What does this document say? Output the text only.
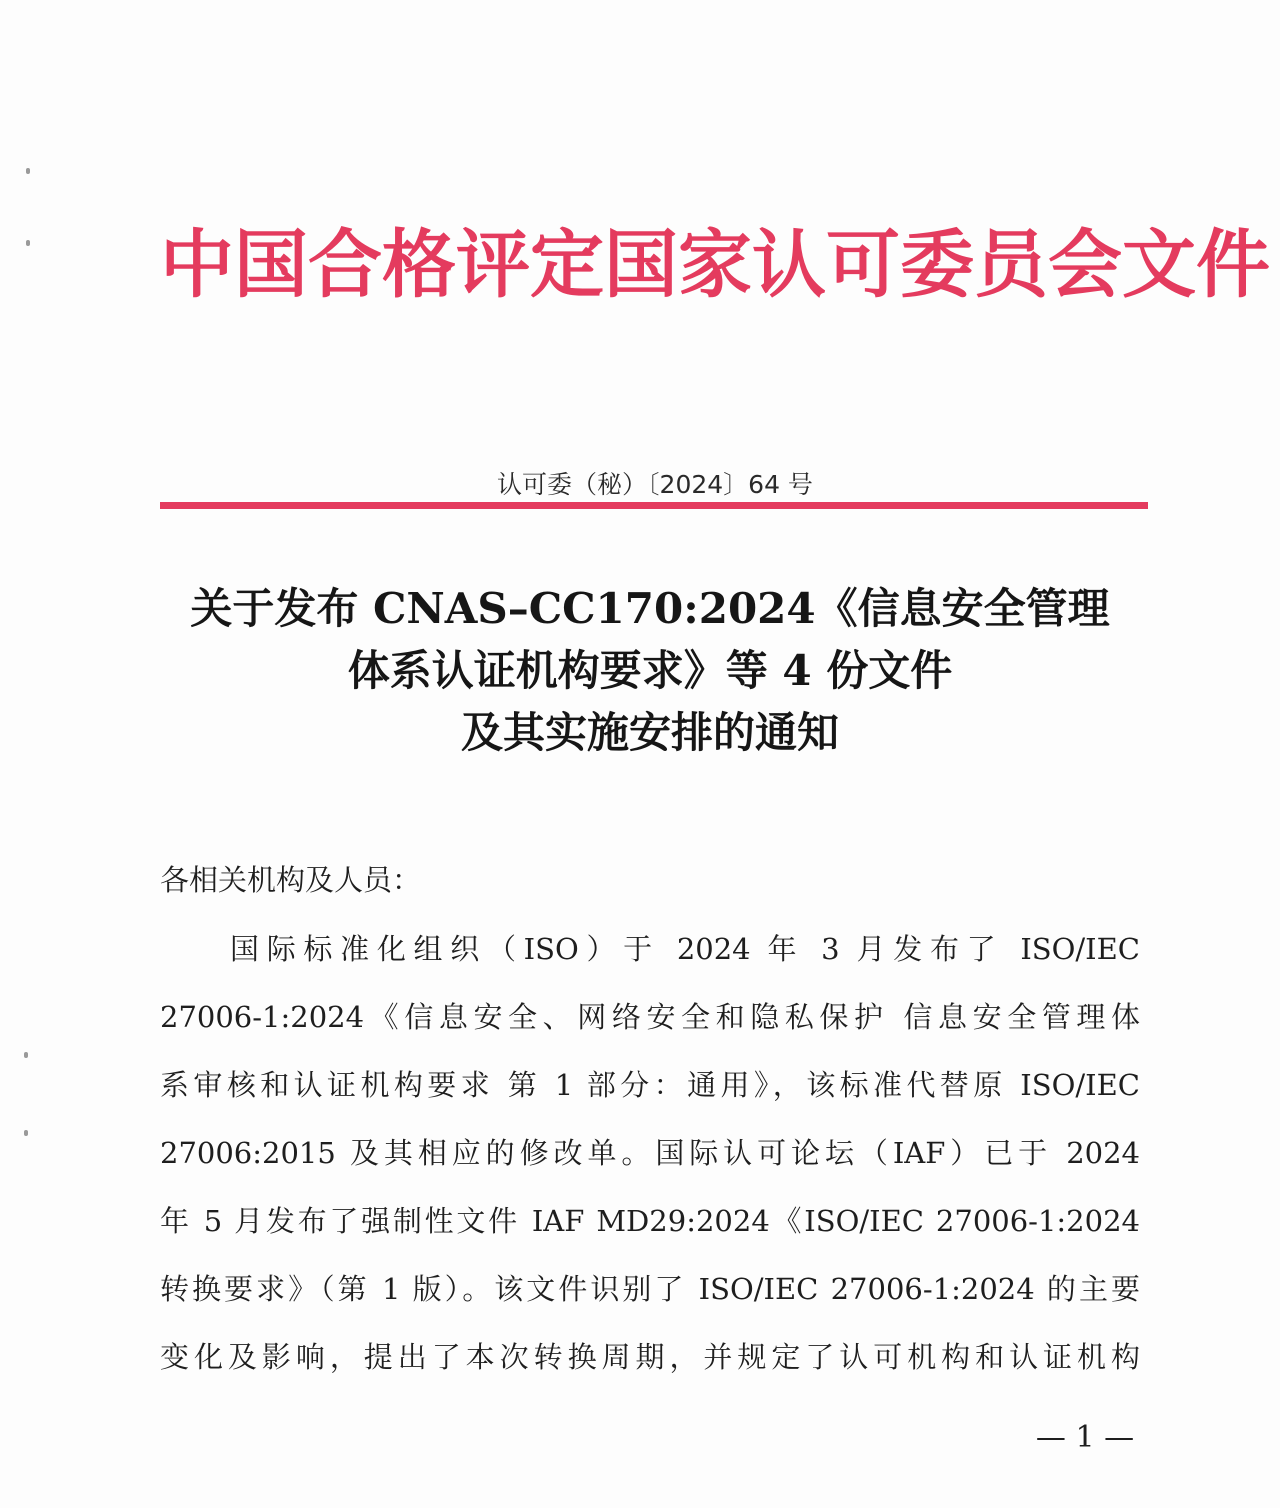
中国合格评定国家认可委员会文件
认可委（秘）〔2024〕64 号
关于发布 CNAS–CC170:2024《信息安全管理
体系认证机构要求》等 4 份文件
及其实施安排的通知
各相关机构及人员：
国际标准化组织（ISO）于 2024 年 3 月发布了 ISO/IEC
27006-1:2024《信息安全、网络安全和隐私保护 信息安全管理体
系审核和认证机构要求 第 1 部分：通用》，该标准代替原 ISO/IEC
27006:2015 及其相应的修改单。国际认可论坛（IAF）已于 2024
年 5 月发布了强制性文件 IAF MD29:2024《ISO/IEC 27006-1:2024
转换要求》（第 1 版）。该文件识别了 ISO/IEC 27006-1:2024 的主要
变化及影响，提出了本次转换周期，并规定了认可机构和认证机构
— 1 —
